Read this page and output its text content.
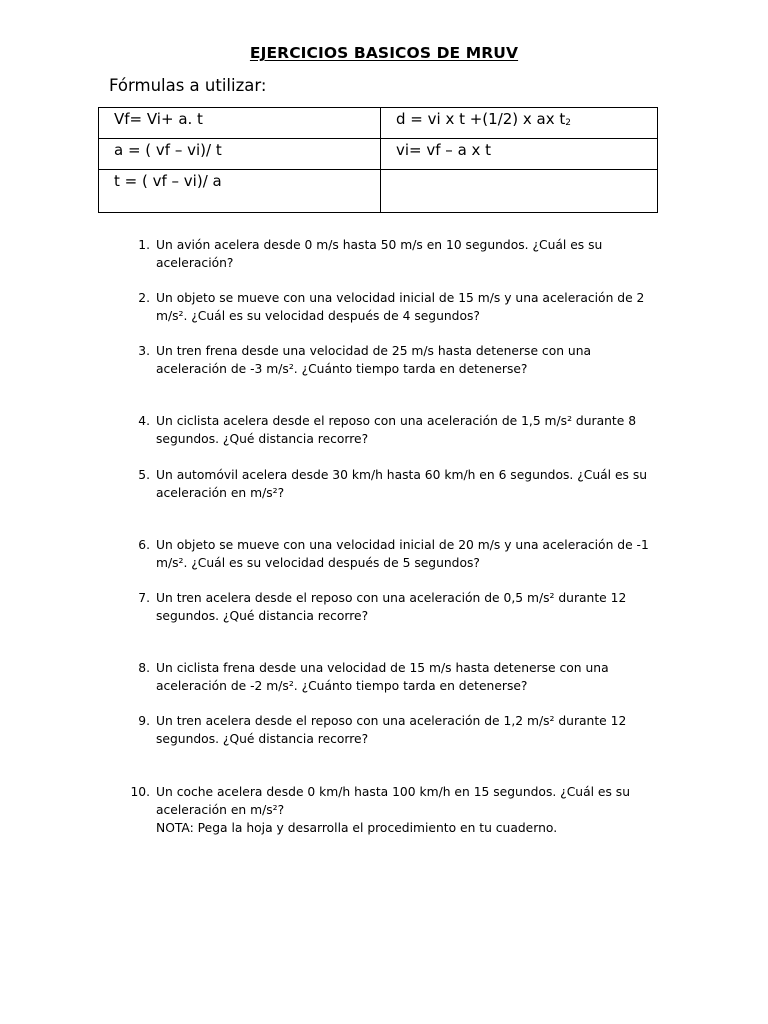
EJERCICIOS BASICOS DE MRUV
Fórmulas a utilizar:
Vf= Vi+ a. t	d = vi x t +(1/2) x ax t2
a = ( vf – vi)/ t	vi= vf – a x t
t = ( vf – vi)/ a	
1. Un avión acelera desde 0 m/s hasta 50 m/s en 10 segundos. ¿Cuál es su aceleración?
2. Un objeto se mueve con una velocidad inicial de 15 m/s y una aceleración de 2 m/s². ¿Cuál es su velocidad después de 4 segundos?
3. Un tren frena desde una velocidad de 25 m/s hasta detenerse con una aceleración de -3 m/s². ¿Cuánto tiempo tarda en detenerse?
4. Un ciclista acelera desde el reposo con una aceleración de 1,5 m/s² durante 8 segundos. ¿Qué distancia recorre?
5. Un automóvil acelera desde 30 km/h hasta 60 km/h en 6 segundos. ¿Cuál es su aceleración en m/s²?
6. Un objeto se mueve con una velocidad inicial de 20 m/s y una aceleración de -1 m/s². ¿Cuál es su velocidad después de 5 segundos?
7. Un tren acelera desde el reposo con una aceleración de 0,5 m/s² durante 12 segundos. ¿Qué distancia recorre?
8. Un ciclista frena desde una velocidad de 15 m/s hasta detenerse con una aceleración de -2 m/s². ¿Cuánto tiempo tarda en detenerse?
9. Un tren acelera desde el reposo con una aceleración de 1,2 m/s² durante 12 segundos. ¿Qué distancia recorre?
10. Un coche acelera desde 0 km/h hasta 100 km/h en 15 segundos. ¿Cuál es su aceleración en m/s²?
NOTA: Pega la hoja y desarrolla el procedimiento en tu cuaderno.
